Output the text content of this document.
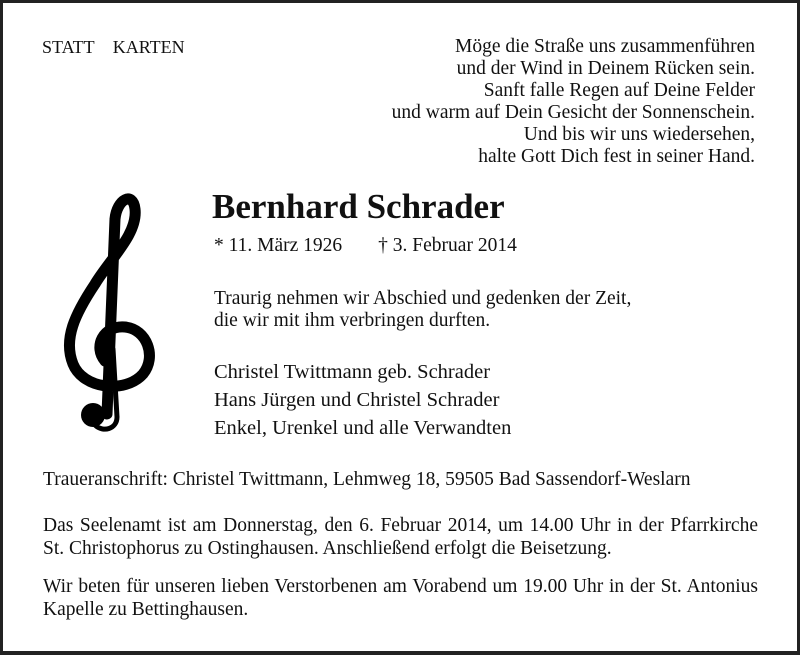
STATT KARTEN	Möge die Straße uns zusammenführen
und der Wind in Deinem Rücken sein.
Sanft falle Regen auf Deine Felder
und warm auf Dein Gesicht der Sonnenschein.
Und bis wir uns wiedersehen,
halte Gott Dich fest in seiner Hand.
Bernhard Schrader
* 11. März 1926 † 3. Februar 2014
Traurig nehmen wir Abschied und gedenken der Zeit,
die wir mit ihm verbringen durften.
Christel Twittmann geb. Schrader
Hans Jürgen und Christel Schrader
Enkel, Urenkel und alle Verwandten
Traueranschrift: Christel Twittmann, Lehmweg 18, 59505 Bad Sassendorf-Weslarn
Das Seelenamt ist am Donnerstag, den 6. Februar 2014, um 14.00 Uhr in der Pfarrkirche St. Christophorus zu Ostinghausen. Anschließend erfolgt die Beisetzung.
Wir beten für unseren lieben Verstorbenen am Vorabend um 19.00 Uhr in der St. Antonius Kapelle zu Bettinghausen.
